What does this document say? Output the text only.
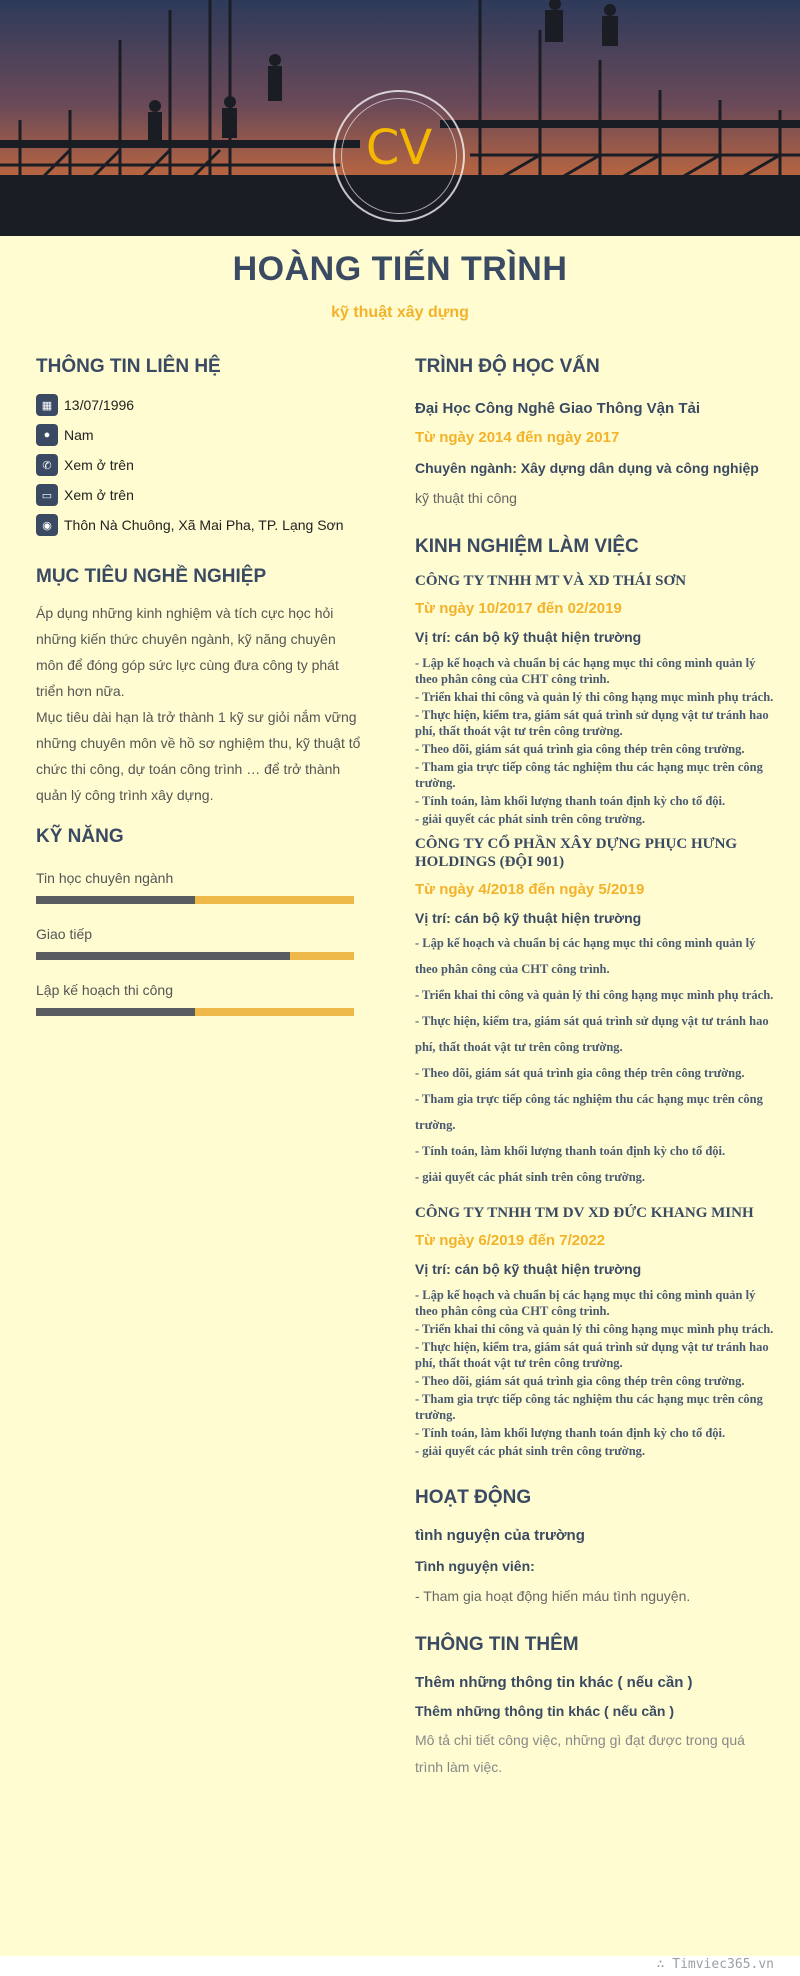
CV
HOÀNG TIẾN TRÌNH
kỹ thuật xây dựng
THÔNG TIN LIÊN HỆ
▦ 13/07/1996
● Nam
✆ Xem ở trên
▭ Xem ở trên
◉ Thôn Nà Chuông, Xã Mai Pha, TP. Lạng Sơn
MỤC TIÊU NGHỀ NGHIỆP
Áp dụng những kinh nghiệm và tích cực học hỏi
những kiến thức chuyên ngành, kỹ năng chuyên
môn để đóng góp sức lực cùng đưa công ty phát
triển hơn nữa.
Mục tiêu dài hạn là trở thành 1 kỹ sư giỏi nắm vững
những chuyên môn về hồ sơ nghiệm thu, kỹ thuật tổ
chức thi công, dự toán công trình … để trở thành
quản lý công trình xây dựng.
KỸ NĂNG
Tin học chuyên ngành
Giao tiếp
Lập kế hoạch thi công
TRÌNH ĐỘ HỌC VẤN
Đại Học Công Nghê Giao Thông Vận Tải
Từ ngày 2014 đến ngày 2017
Chuyên ngành: Xây dựng dân dụng và công nghiệp
kỹ thuật thi công
KINH NGHIỆM LÀM VIỆC
CÔNG TY TNHH MT VÀ XD THÁI SƠN
Từ ngày 10/2017 đến 02/2019
Vị trí: cán bộ kỹ thuật hiện trường

- Lập kế hoạch và chuẩn bị các hạng mục thi công mình quản lý theo phân công của CHT công trình.

- Triển khai thi công và quản lý thi công hạng mục mình phụ trách.

- Thực hiện, kiểm tra, giám sát quá trình sử dụng vật tư tránh hao phí, thất thoát vật tư trên công trường.

- Theo dõi, giám sát quá trình gia công thép trên công trường.

- Tham gia trực tiếp công tác nghiệm thu các hạng mục trên công trường.

- Tính toán, làm khối lượng thanh toán định kỳ cho tổ đội.

- giải quyết các phát sinh trên công trường.

CÔNG TY CỔ PHẦN XÂY DỰNG PHỤC HƯNG HOLDINGS (ĐỘI 901)
Từ ngày 4/2018 đến ngày 5/2019
Vị trí: cán bộ kỹ thuật hiện trường

- Lập kế hoạch và chuẩn bị các hạng mục thi công mình quản lý theo phân công của CHT công trình.

- Triển khai thi công và quản lý thi công hạng mục mình phụ trách.

- Thực hiện, kiểm tra, giám sát quá trình sử dụng vật tư tránh hao phí, thất thoát vật tư trên công trường.

- Theo dõi, giám sát quá trình gia công thép trên công trường.

- Tham gia trực tiếp công tác nghiệm thu các hạng mục trên công trường.

- Tính toán, làm khối lượng thanh toán định kỳ cho tổ đội.

- giải quyết các phát sinh trên công trường.

CÔNG TY TNHH TM DV XD ĐỨC KHANG MINH
Từ ngày 6/2019 đến 7/2022
Vị trí: cán bộ kỹ thuật hiện trường

- Lập kế hoạch và chuẩn bị các hạng mục thi công mình quản lý theo phân công của CHT công trình.

- Triển khai thi công và quản lý thi công hạng mục mình phụ trách.

- Thực hiện, kiểm tra, giám sát quá trình sử dụng vật tư tránh hao phí, thất thoát vật tư trên công trường.

- Theo dõi, giám sát quá trình gia công thép trên công trường.

- Tham gia trực tiếp công tác nghiệm thu các hạng mục trên công trường.

- Tính toán, làm khối lượng thanh toán định kỳ cho tổ đội.

- giải quyết các phát sinh trên công trường.

HOẠT ĐỘNG
tình nguyện của trường
Tình nguyện viên:
- Tham gia hoạt động hiến máu tình nguyện.
THÔNG TIN THÊM
Thêm những thông tin khác ( nếu cần )
Thêm những thông tin khác ( nếu cần )
Mô tả chi tiết công việc, những gì đạt được trong quá
trình làm việc.
∴ Timviec365.vn
